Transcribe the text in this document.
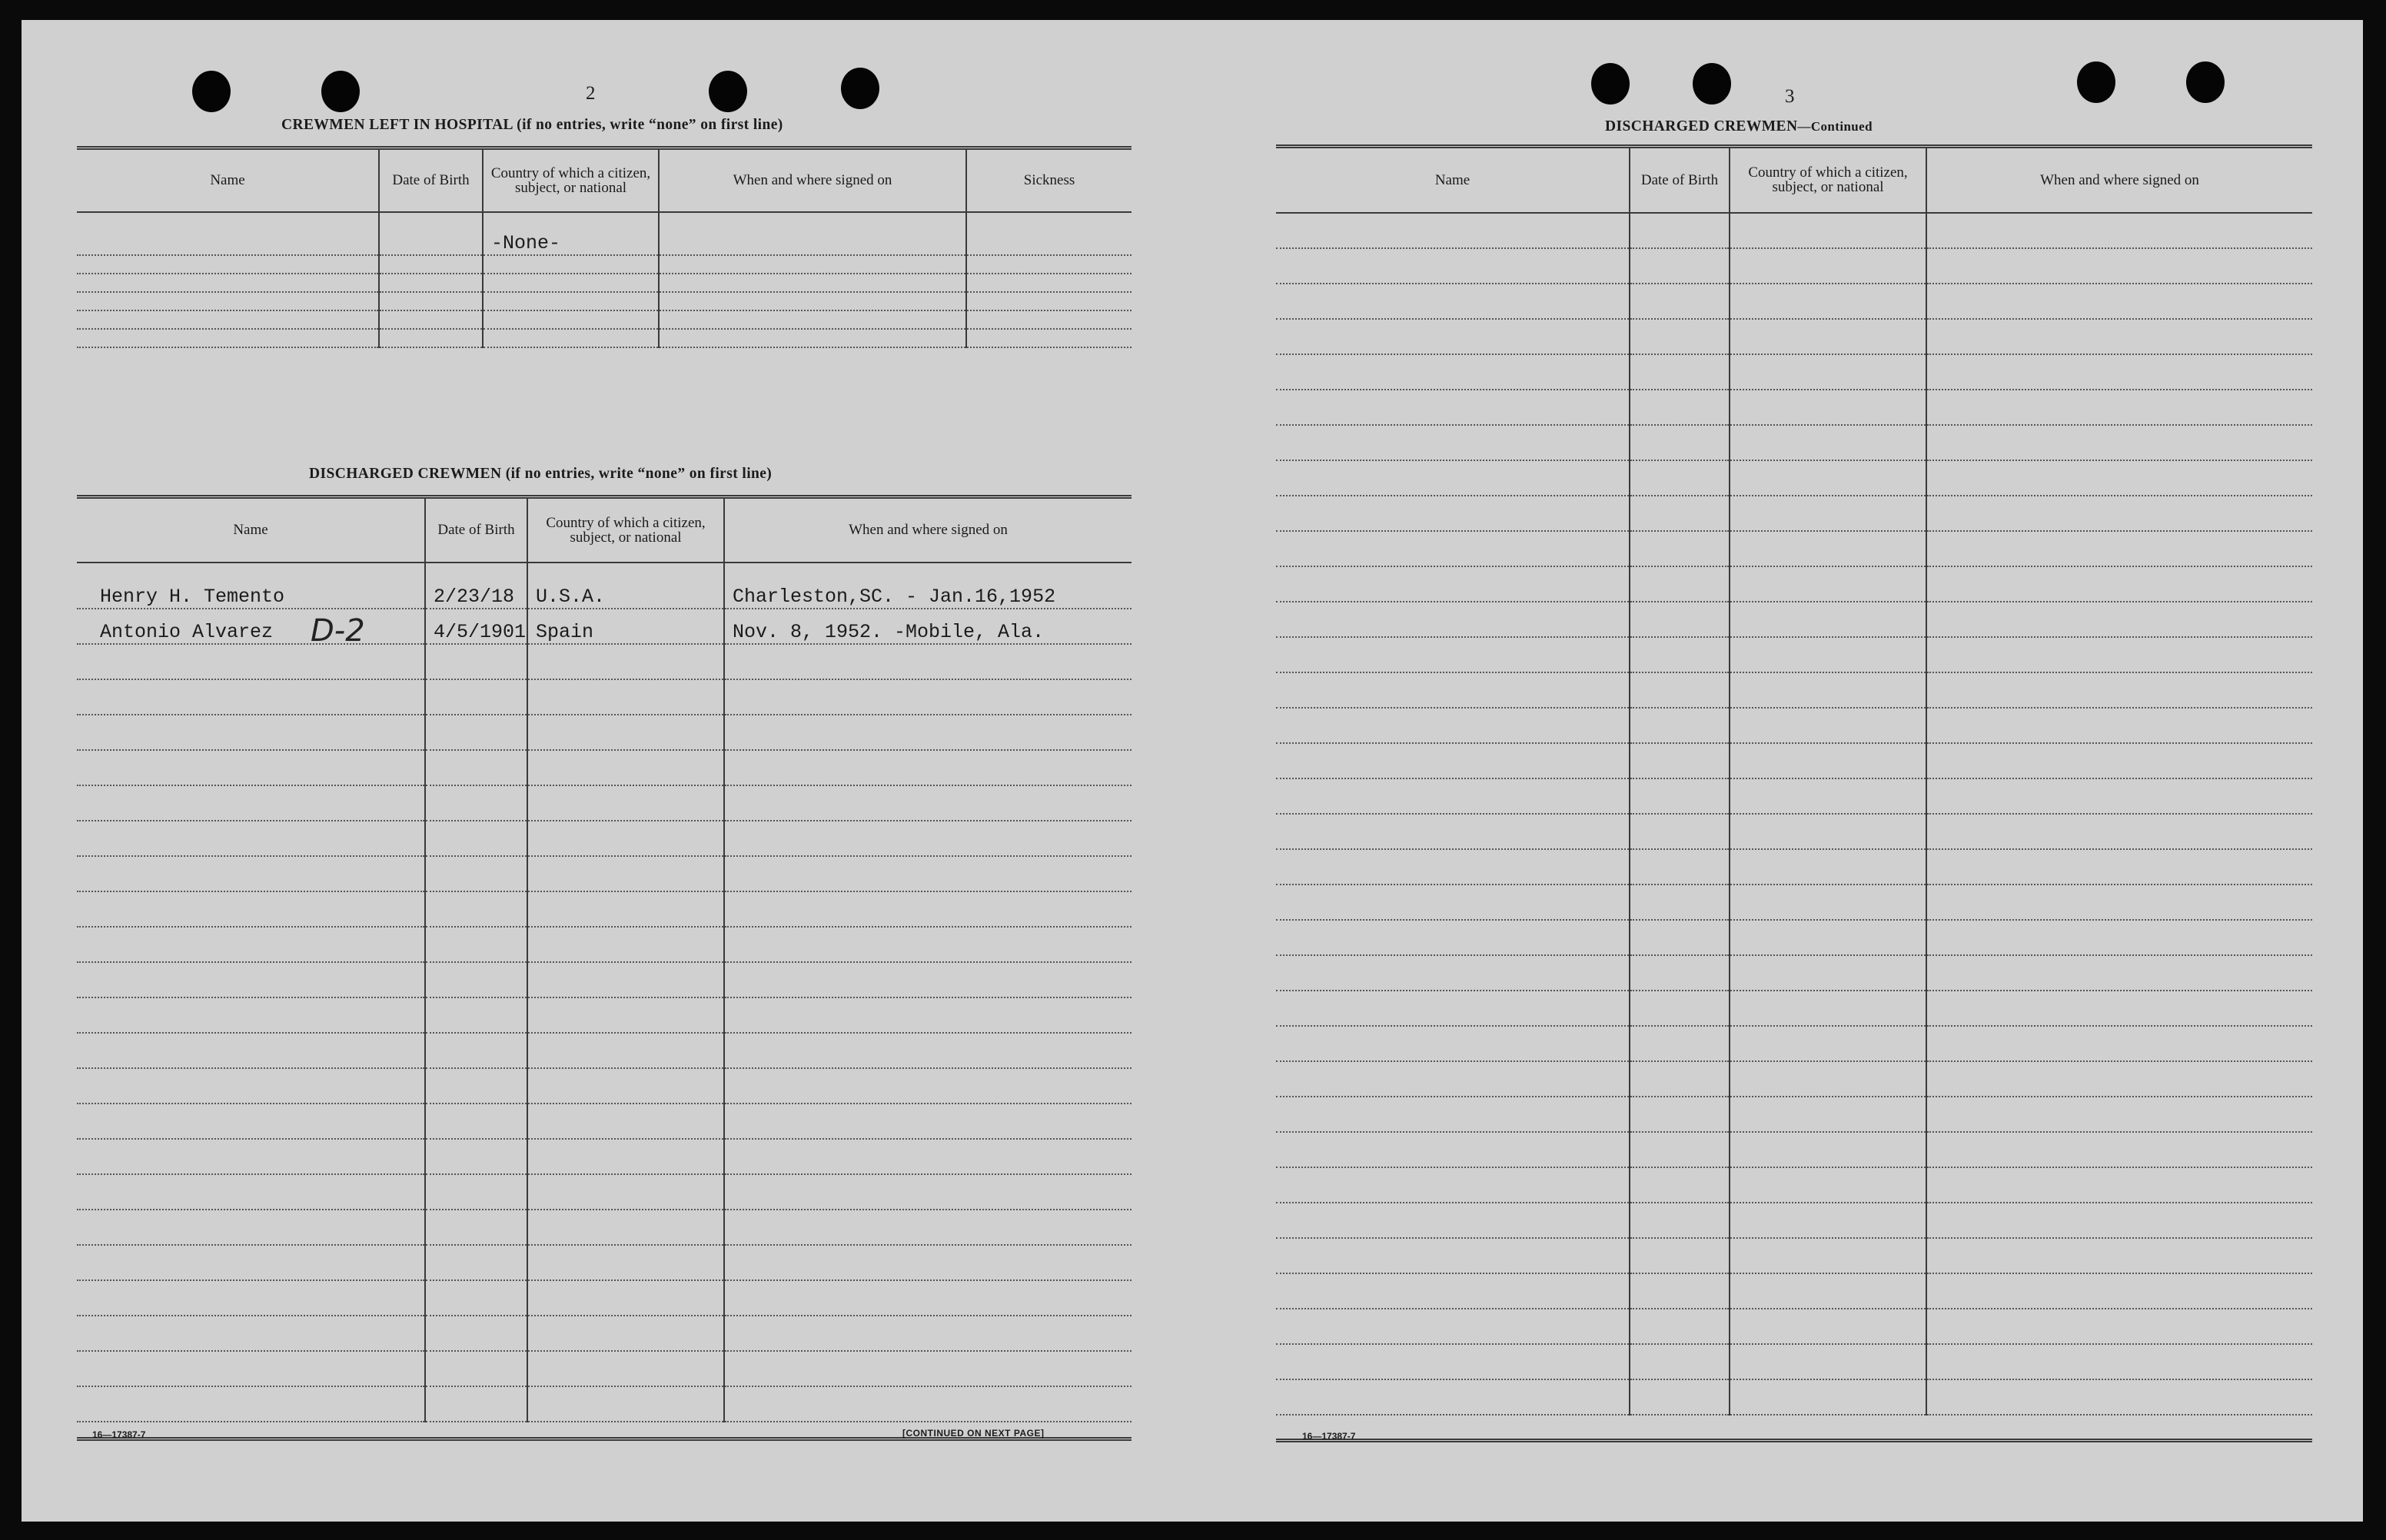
2
CREWMEN LEFT IN HOSPITAL (if no entries, write “none” on first line)
Name	Date of Birth	Country of which a citizen, subject, or national	When and where signed on	Sickness
		-None-		

DISCHARGED CREWMEN (if no entries, write “none” on first line)
Name	Date of Birth	Country of which a citizen, subject, or national	When and where signed on
Henry H. Temento	2/23/18	U.S.A.	Charleston,SC. - Jan.16,1952
Antonio Alvarez	4/5/1901	Spain	Nov. 8, 1952. -Mobile, Ala.

D-2
16—17387-7	[CONTINUED ON NEXT PAGE]
3
DISCHARGED CREWMEN—Continued
Name	Date of Birth	Country of which a citizen, subject, or national	When and where signed on

16—17387-7
